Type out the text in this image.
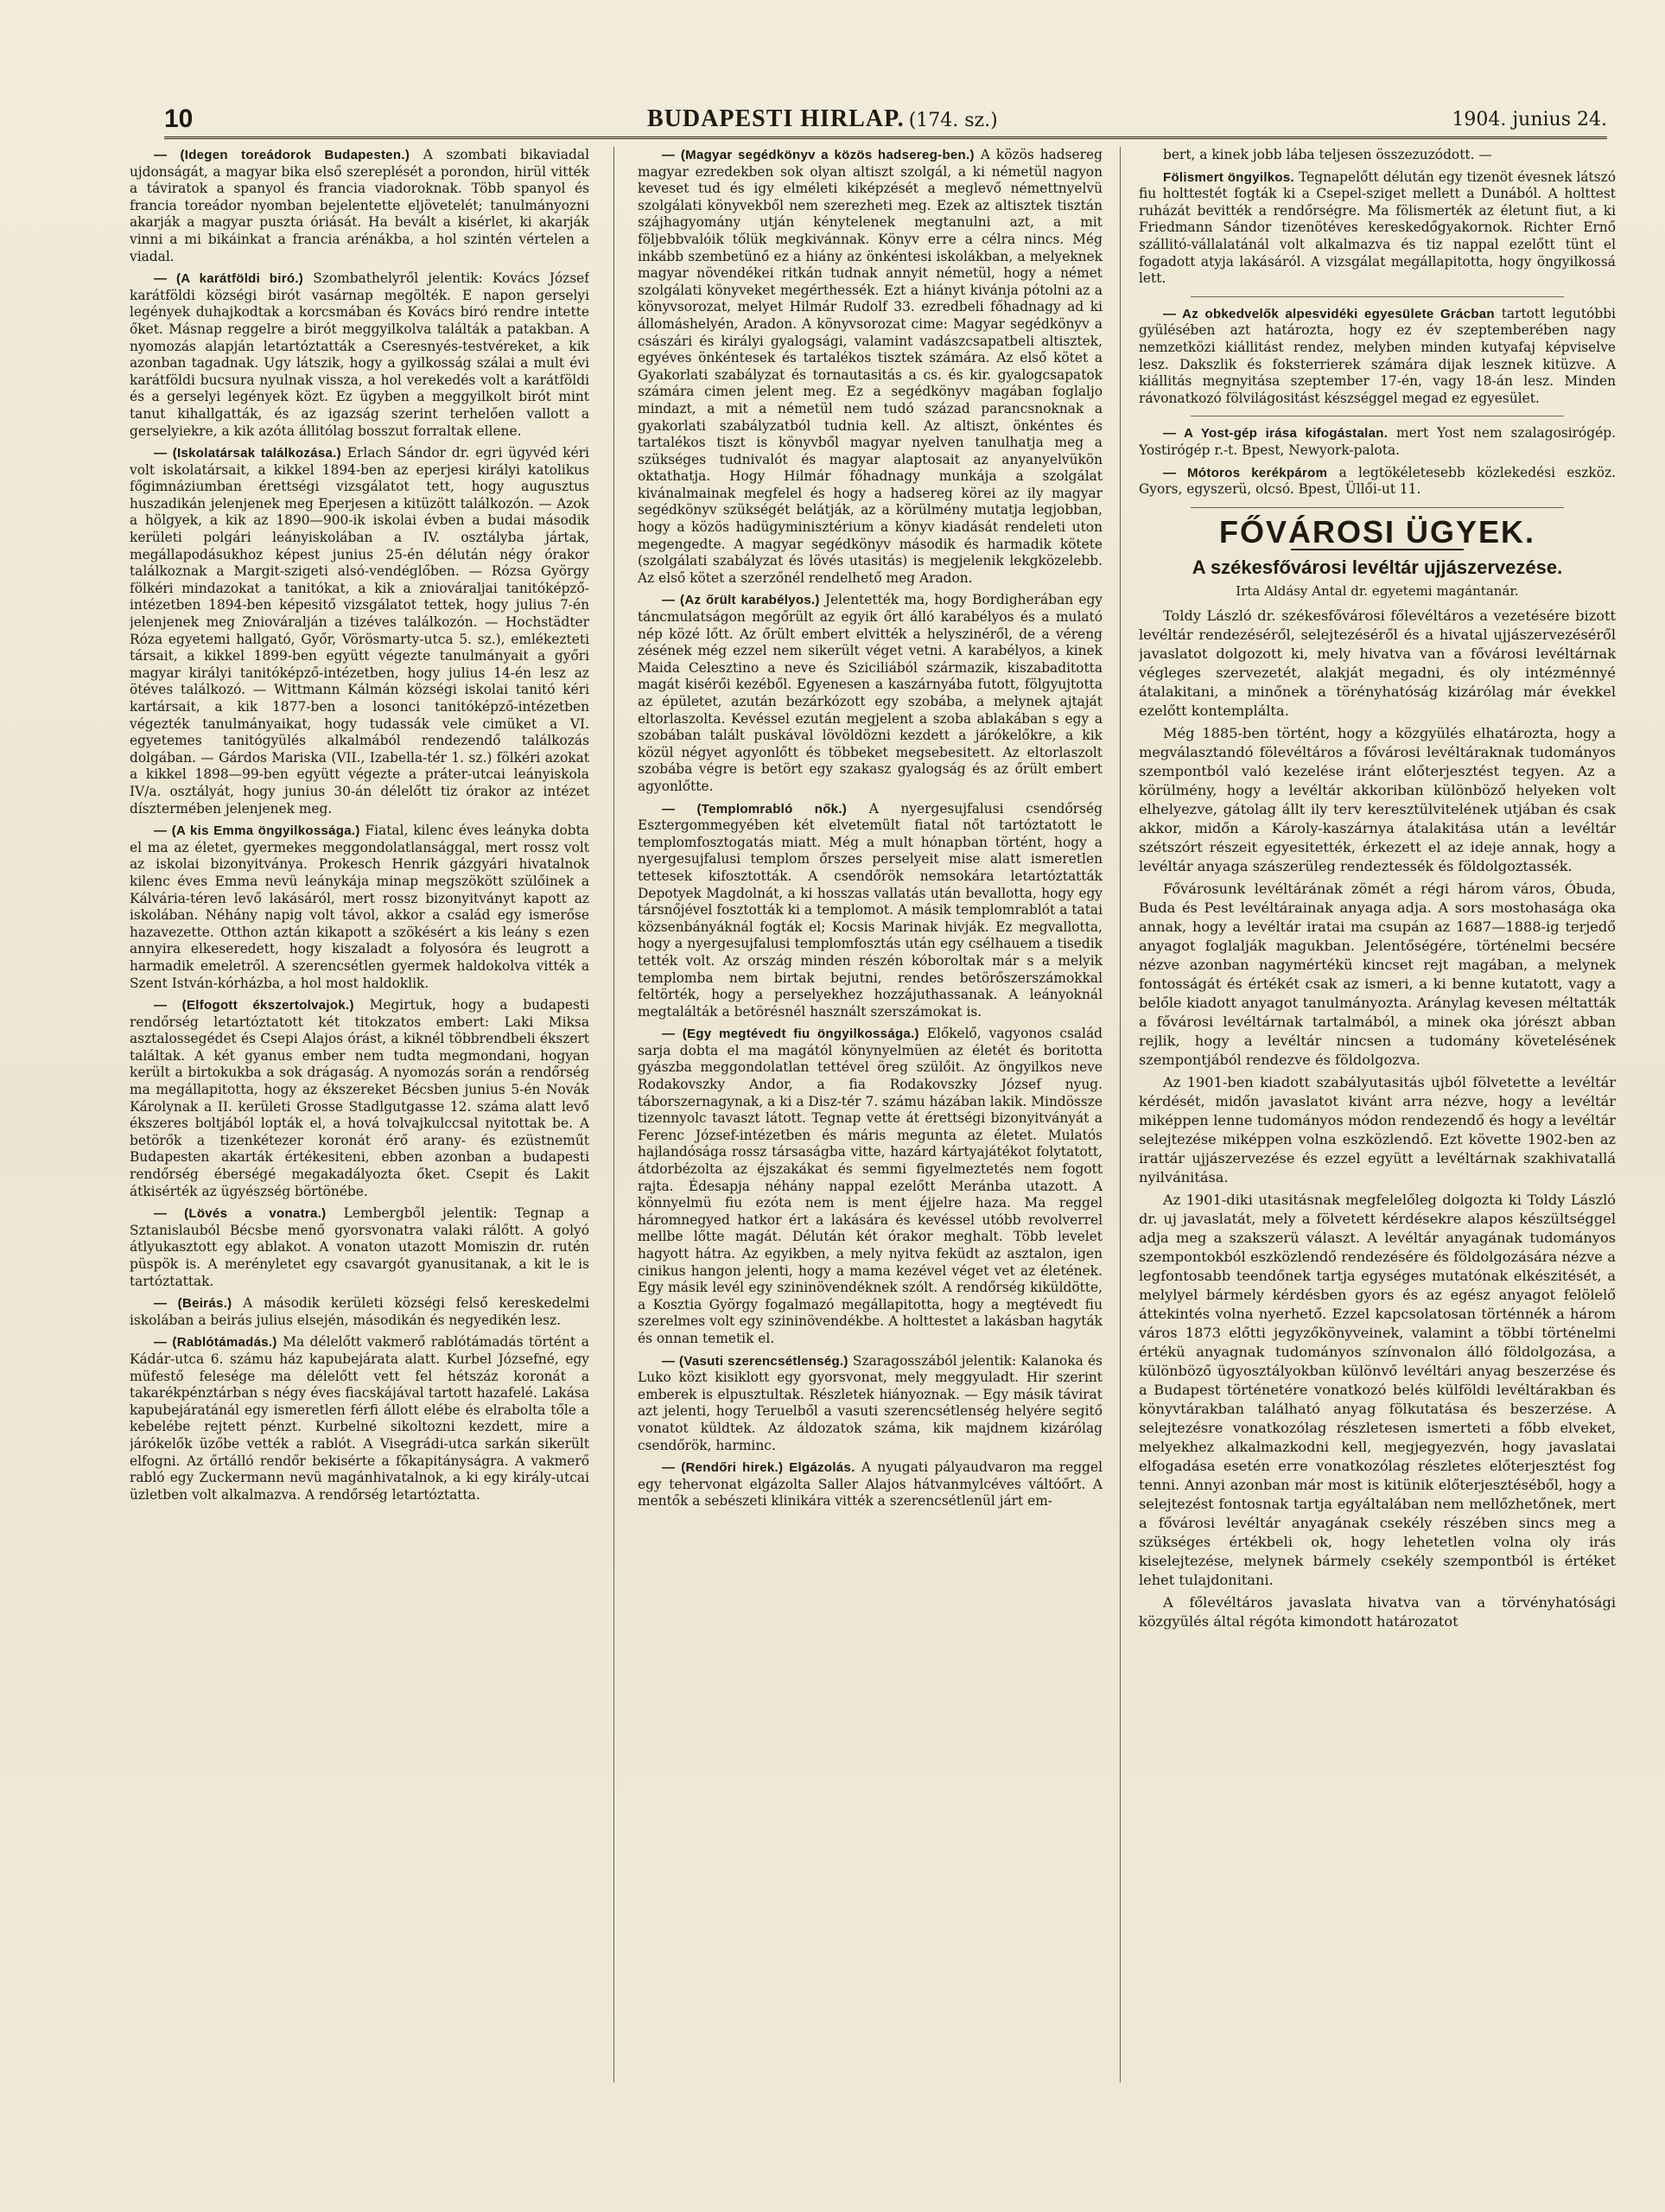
10	BUDAPESTI HIRLAP. (174. sz.)	1904. junius 24.

— (Idegen toreádorok Budapesten.) A szombati bikaviadal ujdonságát, a magyar bika első szereplését a porondon, hirül vitték a táviratok a spanyol és francia viadoroknak. Több spanyol és francia toreádor nyomban bejelentette eljövetelét; tanulmányozni akarják a magyar puszta óriását. Ha bevált a kisérlet, ki akarják vinni a mi bikáinkat a francia arénákba, a hol szintén vértelen a viadal.

— (A karátföldi biró.) Szombathelyről jelentik: Kovács József karátföldi községi birót vasárnap megölték. E napon gerselyi legények duhajkodtak a korcsmában és Kovács biró rendre intette őket. Másnap reggelre a birót meggyilkolva találták a patakban. A nyomozás alapján letartóztatták a Cseresnyés-testvéreket, a kik azonban tagadnak. Ugy látszik, hogy a gyilkosság szálai a mult évi karátföldi bucsura nyulnak vissza, a hol verekedés volt a karátföldi és a gerselyi legények közt. Ez ügyben a meggyilkolt birót mint tanut kihallgatták, és az igazság szerint terhelően vallott a gerselyiekre, a kik azóta állitólag bosszut forraltak ellene.

— (Iskolatársak találkozása.) Erlach Sándor dr. egri ügyvéd kéri volt iskolatársait, a kikkel 1894-ben az eperjesi királyi katolikus főgimnáziumban érettségi vizsgálatot tett, hogy augusztus huszadikán jelenjenek meg Eperjesen a kitüzött találkozón. — Azok a hölgyek, a kik az 1890—900-ik iskolai évben a budai második kerületi polgári leányiskolában a IV. osztályba jártak, megállapodásukhoz képest junius 25-én délután négy órakor találkoznak a Margit-szigeti alsó-vendéglőben. — Rózsa György fölkéri mindazokat a tanitókat, a kik a zniováraljai tanitóképző-intézetben 1894-ben képesitő vizsgálatot tettek, hogy julius 7-én jelenjenek meg Zniováralján a tizéves találkozón. — Hochstädter Róza egyetemi hallgató, Győr, Vörösmarty-utca 5. sz.), emlékezteti társait, a kikkel 1899-ben együtt végezte tanulmányait a győri magyar királyi tanitóképző-intézetben, hogy julius 14-én lesz az ötéves találkozó. — Wittmann Kálmán községi iskolai tanitó kéri kartársait, a kik 1877-ben a losonci tanitóképző-intézetben végezték tanulmányaikat, hogy tudassák vele cimüket a VI. egyetemes tanitógyülés alkalmából rendezendő találkozás dolgában. — Gárdos Mariska (VII., Izabella-tér 1. sz.) fölkéri azokat a kikkel 1898—99-ben együtt végezte a práter-utcai leányiskola IV/a. osztályát, hogy junius 30-án délelőtt tiz órakor az intézet dísztermében jelenjenek meg.

— (A kis Emma öngyilkossága.) Fiatal, kilenc éves leányka dobta el ma az életet, gyermekes meggondolatlansággal, mert rossz volt az iskolai bizonyitványa. Prokesch Henrik gázgyári hivatalnok kilenc éves Emma nevü leánykája minap megszökött szülőinek a Kálvária-téren levő lakásáról, mert rossz bizonyitványt kapott az iskolában. Néhány napig volt távol, akkor a család egy ismerőse hazavezette. Otthon aztán kikapott a szökésért a kis leány s ezen annyira elkeseredett, hogy kiszaladt a folyosóra és leugrott a harmadik emeletről. A szerencsétlen gyermek haldokolva vitték a Szent István-kórházba, a hol most haldoklik.

— (Elfogott ékszertolvajok.) Megirtuk, hogy a budapesti rendőrség letartóztatott két titokzatos embert: Laki Miksa asztalossegédet és Csepi Alajos órást, a kiknél többrendbeli ékszert találtak. A két gyanus ember nem tudta megmondani, hogyan került a birtokukba a sok drágaság. A nyomozás során a rendőrség ma megállapitotta, hogy az ékszereket Bécsben junius 5-én Novák Károlynak a II. kerületi Grosse Stadlgutgasse 12. száma alatt levő ékszeres boltjából lopták el, a hová tolvajkulccsal nyitottak be. A betörők a tizenkétezer koronát érő arany- és ezüstneműt Budapesten akarták értékesiteni, ebben azonban a budapesti rendőrség éberségé megakadályozta őket. Csepit és Lakit átkisérték az ügyészség börtönébe.

— (Lövés a vonatra.) Lembergből jelentik: Tegnap a Sztanislauból Bécsbe menő gyorsvonatra valaki rálőtt. A golyó átlyukasztott egy ablakot. A vonaton utazott Momiszin dr. rutén püspök is. A merényletet egy csavargót gyanusitanak, a kit le is tartóztattak.

— (Beirás.) A második kerületi községi felső kereskedelmi iskolában a beirás julius elsején, másodikán és negyedikén lesz.

— (Rablótámadás.) Ma délelőtt vakmerő rablótámadás történt a Kádár-utca 6. számu ház kapubejárata alatt. Kurbel Józsefné, egy müfestő felesége ma délelőtt vett fel hétszáz koronát a takarékpénztárban s négy éves fiacskájával tartott hazafelé. Lakása kapubejáratánál egy ismeretlen férfi állott elébe és elrabolta tőle a kebelébe rejtett pénzt. Kurbelné sikoltozni kezdett, mire a járókelők üzőbe vették a rablót. A Visegrádi-utca sarkán sikerült elfogni. Az őrtálló rendőr bekisérte a főkapitányságra. A vakmerő rabló egy Zuckermann nevü magánhivatalnok, a ki egy király-utcai üzletben volt alkalmazva. A rendőrség letartóztatta.

— (Magyar segédkönyv a közös hadsereg-ben.) A közös hadsereg magyar ezredekben sok olyan altiszt szolgál, a ki németül nagyon keveset tud és igy elméleti kiképzését a meglevő némettnyelvü szolgálati könyvekből nem szerezheti meg. Ezek az altisztek tisztán szájhagyomány utján kénytelenek megtanulni azt, a mit följebbvalóik tőlük megkivánnak. Könyv erre a célra nincs. Még inkább szembetünő ez a hiány az önkéntesi iskolákban, a melyeknek magyar növendékei ritkán tudnak annyit németül, hogy a német szolgálati könyveket megérthessék. Ezt a hiányt kivánja pótolni az a könyvsorozat, melyet Hilmár Rudolf 33. ezredbeli főhadnagy ad ki állomáshelyén, Aradon. A könyvsorozat cime: Magyar segédkönyv a császári és királyi gyalogsági, valamint vadászcsapatbeli altisztek, egyéves önkéntesek és tartalékos tisztek számára. Az első kötet a Gyakorlati szabályzat és tornautasitás a cs. és kir. gyalogcsapatok számára cimen jelent meg. Ez a segédkönyv magában foglaljo mindazt, a mit a németül nem tudó század parancsnoknak a gyakorlati szabályzatból tudnia kell. Az altiszt, önkéntes és tartalékos tiszt is könyvből magyar nyelven tanulhatja meg a szükséges tudnivalót és magyar alaptosait az anyanyelvükön oktathatja. Hogy Hilmár főhadnagy munkája a szolgálat kivánalmainak megfelel és hogy a hadsereg körei az ily magyar segédkönyv szükségét belátják, az a körülmény mutatja legjobban, hogy a közös hadügyminisztérium a könyv kiadását rendeleti uton megengedte. A magyar segédkönyv második és harmadik kötete (szolgálati szabályzat és lövés utasitás) is megjelenik lekgközelebb. Az első kötet a szerzőnél rendelhető meg Aradon.

— (Az őrült karabélyos.) Jelentették ma, hogy Bordigherában egy táncmulatságon megőrült az egyik őrt álló karabélyos és a mulató nép közé lőtt. Az őrült embert elvitték a helyszinéről, de a véreng zésének még ezzel nem sikerült véget vetni. A karabélyos, a kinek Maida Celesztino a neve és Sziciliából származik, kiszabaditotta magát kisérői kezéből. Egyenesen a kaszárnyába futott, fölgyujtotta az épületet, azután bezárkózott egy szobába, a melynek ajtaját eltorlaszolta. Kevéssel ezután megjelent a szoba ablakában s egy a szobában talált puskával lövöldözni kezdett a járókelőkre, a kik közül négyet agyonlőtt és többeket megsebesitett. Az eltorlaszolt szobába végre is betört egy szakasz gyalogság és az őrült embert agyonlőtte.

— (Templomrabló nők.) A nyergesujfalusi csendőrség Esztergommegyében két elvetemült fiatal nőt tartóztatott le templomfosztogatás miatt. Még a mult hónapban történt, hogy a nyergesujfalusi templom őrszes perselyeit mise alatt ismeretlen tettesek kifosztották. A csendőrök nemsokára letartóztatták Depotyek Magdolnát, a ki hosszas vallatás után bevallotta, hogy egy társnőjével fosztották ki a templomot. A másik templomrablót a tatai közsenbányáknál fogták el; Kocsis Marinak hivják. Ez megvallotta, hogy a nyergesujfalusi templomfosztás után egy csélhauem a tisedik tették volt. Az ország minden részén kóboroltak már s a melyik templomba nem birtak bejutni, rendes betörőszerszámokkal feltörték, hogy a perselyekhez hozzájuthassanak. A leányoknál megtalálták a betörésnél használt szerszámokat is.

— (Egy megtévedt fiu öngyilkossága.) Előkelő, vagyonos család sarja dobta el ma magától könynyelmüen az életét és boritotta gyászba meggondolatlan tettével öreg szülőit. Az öngyilkos neve Rodakovszky Andor, a fia Rodakovszky József nyug. táborszernagynak, a ki a Disz-tér 7. számu házában lakik. Mindössze tizennyolc tavaszt látott. Tegnap vette át érettségi bizonyitványát a Ferenc József-intézetben és máris megunta az életet. Mulatós hajlandósága rossz társaságba vitte, hazárd kártyajátékot folytatott, átdorbézolta az éjszakákat és semmi figyelmeztetés nem fogott rajta. Édesapja néhány nappal ezelőtt Meránba utazott. A könnyelmü fiu ezóta nem is ment éjjelre haza. Ma reggel háromnegyed hatkor ért a lakására és kevéssel utóbb revolverrel mellbe lőtte magát. Délután két órakor meghalt. Több levelet hagyott hátra. Az egyikben, a mely nyitva feküdt az asztalon, igen cinikus hangon jelenti, hogy a mama kezével véget vet az életének. Egy másik levél egy szininövendéknek szólt. A rendőrség kiküldötte, a Kosztia György fogalmazó megállapitotta, hogy a megtévedt fiu szerelmes volt egy szininövendékbe. A holttestet a lakásban hagyták és onnan temetik el.

— (Vasuti szerencsétlenség.) Szaragosszából jelentik: Kalanoka és Luko közt kisiklott egy gyorsvonat, mely meggyuladt. Hir szerint emberek is elpusztultak. Részletek hiányoznak. — Egy másik távirat azt jelenti, hogy Teruelből a vasuti szerencsétlenség helyére segitő vonatot küldtek. Az áldozatok száma, kik majdnem kizárólag csendőrök, harminc.

— (Rendőri hirek.) Elgázolás. A nyugati pályaudvaron ma reggel egy tehervonat elgázolta Saller Alajos hátvanmylcéves váltóőrt. A mentők a sebészeti klinikára vitték a szerencsétlenül járt em-

bert, a kinek jobb lába teljesen összezuzódott. —

Fölismert öngyilkos. Tegnapelőtt délután egy tizenöt évesnek látszó fiu holttestét fogták ki a Csepel-sziget mellett a Dunából. A holttest ruházát bevitték a rendőrségre. Ma fölismerték az életunt fiut, a ki Friedmann Sándor tizenötéves kereskedőgyakornok. Richter Ernő szállitó-vállalatánál volt alkalmazva és tiz nappal ezelőtt tünt el fogadott atyja lakásáról. A vizsgálat megállapitotta, hogy öngyilkossá lett.

— Az obkedvelők alpesvidéki egyesülete Grácban tartott legutóbbi gyülésében azt határozta, hogy ez év szeptemberében nagy nemzetközi kiállitást rendez, melyben minden kutyafaj képviselve lesz. Dakszlik és foksterrierek számára dijak lesznek kitüzve. A kiállitás megnyitása szeptember 17-én, vagy 18-án lesz. Minden rávonatkozó fölvilágositást készséggel megad ez egyesület.

— A Yost-gép irása kifogástalan. mert Yost nem szalagosirógép. Yostirógép r.-t. Bpest, Newyork-palota.

— Mótoros kerékpárom a legtökéletesebb közlekedési eszköz. Gyors, egyszerü, olcsó. Bpest, Üllői-ut 11.

FŐVÁROSI ÜGYEK.
A székesfővárosi levéltár ujjászervezése.
Irta Aldásy Antal dr. egyetemi magántanár.

Toldy László dr. székesfővárosi főlevéltáros a vezetésére bizott levéltár rendezéséről, selejtezéséről és a hivatal ujjászervezéséről javaslatot dolgozott ki, mely hivatva van a fővárosi levéltárnak végleges szervezetét, alakját megadni, és oly intézménnyé átalakitani, a minőnek a törényhatóság kizárólag már évekkel ezelőtt kontemplálta.

Még 1885-ben történt, hogy a közgyülés elhatározta, hogy a megválasztandó fölevéltáros a fővárosi levéltáraknak tudományos szempontból való kezelése iránt előterjesztést tegyen. Az a körülmény, hogy a levéltár akkoriban különböző helyeken volt elhelyezve, gátolag állt ily terv keresztülvitelének utjában és csak akkor, midőn a Károly-kaszárnya átalakitása után a levéltár szétszórt részeit egyesitették, érkezett el az ideje annak, hogy a levéltár anyaga szászerüleg rendeztessék és földolgoztassék.

Fővárosunk levéltárának zömét a régi három város, Óbuda, Buda és Pest levéltárainak anyaga adja. A sors mostohasága oka annak, hogy a levéltár iratai ma csupán az 1687—1888-ig terjedő anyagot foglalják magukban. Jelentőségére, történelmi becsére nézve azonban nagymértékü kincset rejt magában, a melynek fontosságát és értékét csak az ismeri, a ki benne kutatott, vagy a belőle kiadott anyagot tanulmányozta. Aránylag kevesen méltatták a fővárosi levéltárnak tartalmából, a minek oka jórészt abban rejlik, hogy a levéltár nincsen a tudomány követelésének szempontjából rendezve és földolgozva.

Az 1901-ben kiadott szabályutasitás ujból fölvetette a levéltár kérdését, midőn javaslatot kivánt arra nézve, hogy a levéltár miképpen lenne tudományos módon rendezendő és hogy a levéltár selejtezése miképpen volna eszközlendő. Ezt követte 1902-ben az irattár ujjászervezése és ezzel együtt a levéltárnak szakhivatallá nyilvánitása.

Az 1901-diki utasitásnak megfelelőleg dolgozta ki Toldy László dr. uj javaslatát, mely a fölvetett kérdésekre alapos készültséggel adja meg a szakszerü választ. A levéltár anyagának tudományos szempontokból eszközlendő rendezésére és földolgozására nézve a legfontosabb teendőnek tartja egységes mutatónak elkészitését, a melylyel bármely kérdésben gyors és az egész anyagot felölelő áttekintés volna nyerhető. Ezzel kapcsolatosan történnék a három város 1873 előtti jegyzőkönyveinek, valamint a többi történelmi értékü anyagnak tudományos színvonalon álló földolgozása, a különböző ügyosztályokban különvő levéltári anyag beszerzése és a Budapest történetére vonatkozó belés külföldi levéltárakban és könyvtárakban található anyag fölkutatása és beszerzése. A selejtezésre vonatkozólag részletesen ismerteti a főbb elveket, melyekhez alkalmazkodni kell, megjegyezvén, hogy javaslatai elfogadása esetén erre vonatkozólag részletes előterjesztést fog tenni. Annyi azonban már most is kitünik előterjesztéséből, hogy a selejtezést fontosnak tartja egyáltalában nem mellőzhetőnek, mert a fővárosi levéltár anyagának csekély részében sincs meg a szükséges értékbeli ok, hogy lehetetlen volna oly irás kiselejtezése, melynek bármely csekély szempontból is értéket lehet tulajdonitani.

A főlevéltáros javaslata hivatva van a törvényhatósági közgyülés által régóta kimondott határozatot
